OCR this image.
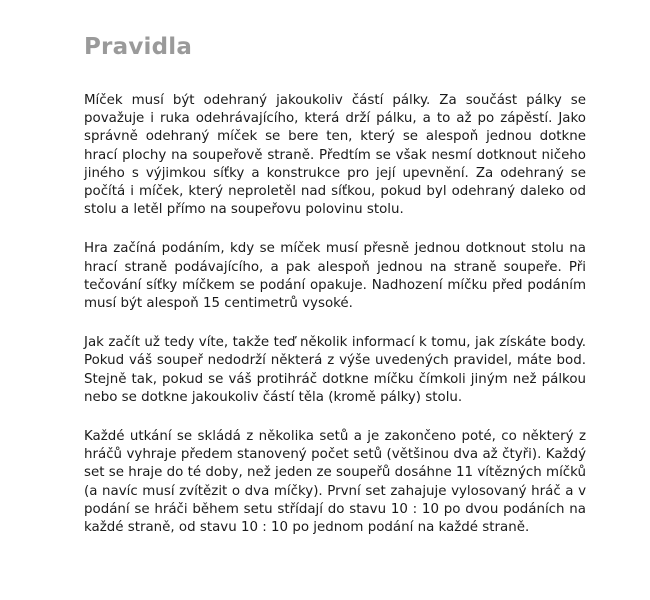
Pravidla

Míček musí být odehraný jakoukoliv částí pálky. Za součást pálky se považuje i ruka odehrávajícího, která drží pálku, a to až po zápěstí. Jako správně odehraný míček se bere ten, který se alespoň jednou dotkne hrací plochy na soupeřově straně. Předtím se však nesmí dotknout ničeho jiného s výjimkou síťky a konstrukce pro její upevnění. Za odehraný se počítá i míček, který neproletěl nad síťkou, pokud byl odehraný daleko od stolu a letěl přímo na soupeřovu polovinu stolu.

Hra začíná podáním, kdy se míček musí přesně jednou dotknout stolu na hrací straně podávajícího, a pak alespoň jednou na straně soupeře. Při tečování síťky míčkem se podání opakuje. Nadhození míčku před podáním musí být alespoň 15 centimetrů vysoké.

Jak začít už tedy víte, takže teď několik informací k tomu, jak získáte body. Pokud váš soupeř nedodrží některá z výše uvedených pravidel, máte bod. Stejně tak, pokud se váš protihráč dotkne míčku čímkoli jiným než pálkou nebo se dotkne jakoukoliv částí těla (kromě pálky) stolu.

Každé utkání se skládá z několika setů a je zakončeno poté, co některý z hráčů vyhraje předem stanovený počet setů (většinou dva až čtyři). Každý set se hraje do té doby, než jeden ze soupeřů dosáhne 11 vítězných míčků (a navíc musí zvítězit o dva míčky). První set zahajuje vylosovaný hráč a v podání se hráči během setu střídají do stavu 10 : 10 po dvou podáních na každé straně, od stavu 10 : 10 po jednom podání na každé straně.
